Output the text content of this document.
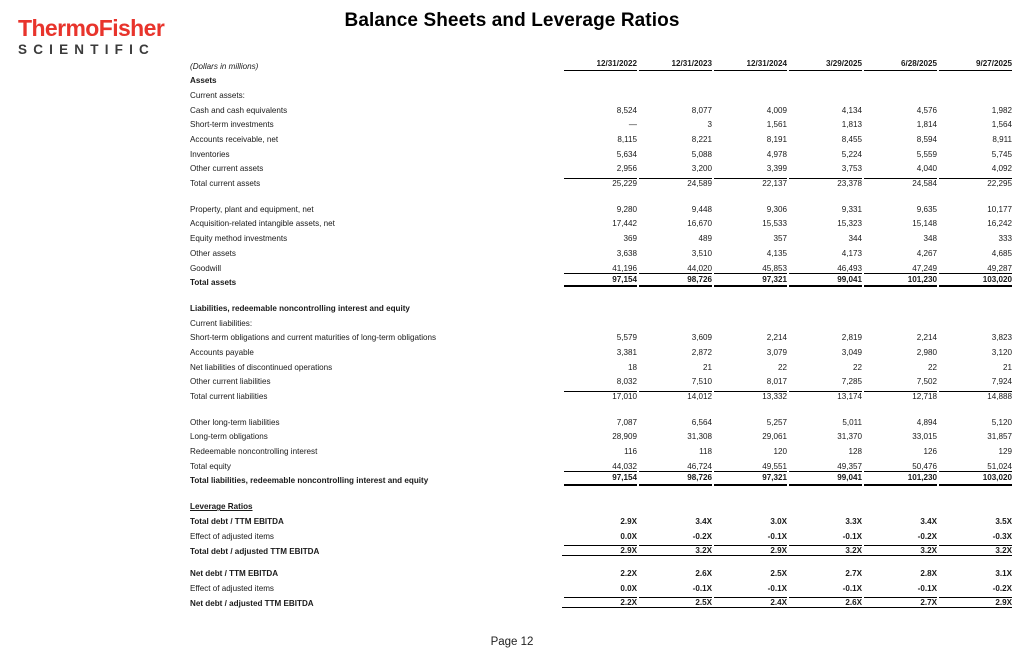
ThermoFisher
SCIENTIFIC
Balance Sheets and Leverage Ratios
(Dollars in millions)	12/31/2022	12/31/2023	12/31/2024	3/29/2025	6/28/2025	9/27/2025

Assets						
Current assets:						
Cash and cash equivalents	8,524	8,077	4,009	4,134	4,576	1,982
Short-term investments	—	3	1,561	1,813	1,814	1,564
Accounts receivable, net	8,115	8,221	8,191	8,455	8,594	8,911
Inventories	5,634	5,088	4,978	5,224	5,559	5,745
Other current assets	2,956	3,200	3,399	3,753	4,040	4,092
Total current assets	25,229	24,589	22,137	23,378	24,584	22,295

Property, plant and equipment, net	9,280	9,448	9,306	9,331	9,635	10,177
Acquisition-related intangible assets, net	17,442	16,670	15,533	15,323	15,148	16,242
Equity method investments	369	489	357	344	348	333
Other assets	3,638	3,510	4,135	4,173	4,267	4,685
Goodwill	41,196	44,020	45,853	46,493	47,249	49,287
Total assets	97,154	98,726	97,321	99,041	101,230	103,020

Liabilities, redeemable noncontrolling interest and equity						
Current liabilities:						
Short-term obligations and current maturities of long-term obligations	5,579	3,609	2,214	2,819	2,214	3,823
Accounts payable	3,381	2,872	3,079	3,049	2,980	3,120
Net liabilities of discontinued operations	18	21	22	22	22	21
Other current liabilities	8,032	7,510	8,017	7,285	7,502	7,924
Total current liabilities	17,010	14,012	13,332	13,174	12,718	14,888

Other long-term liabilities	7,087	6,564	5,257	5,011	4,894	5,120
Long-term obligations	28,909	31,308	29,061	31,370	33,015	31,857
Redeemable noncontrolling interest	116	118	120	128	126	129
Total equity	44,032	46,724	49,551	49,357	50,476	51,024
Total liabilities, redeemable noncontrolling interest and equity	97,154	98,726	97,321	99,041	101,230	103,020

Leverage Ratios						
Total debt / TTM EBITDA	2.9X	3.4X	3.0X	3.3X	3.4X	3.5X
Effect of adjusted items	0.0X	-0.2X	-0.1X	-0.1X	-0.2X	-0.3X
Total debt / adjusted TTM EBITDA	2.9X	3.2X	2.9X	3.2X	3.2X	3.2X

Net debt / TTM EBITDA	2.2X	2.6X	2.5X	2.7X	2.8X	3.1X
Effect of adjusted items	0.0X	-0.1X	-0.1X	-0.1X	-0.1X	-0.2X
Net debt / adjusted TTM EBITDA	2.2X	2.5X	2.4X	2.6X	2.7X	2.9X

Page 12
